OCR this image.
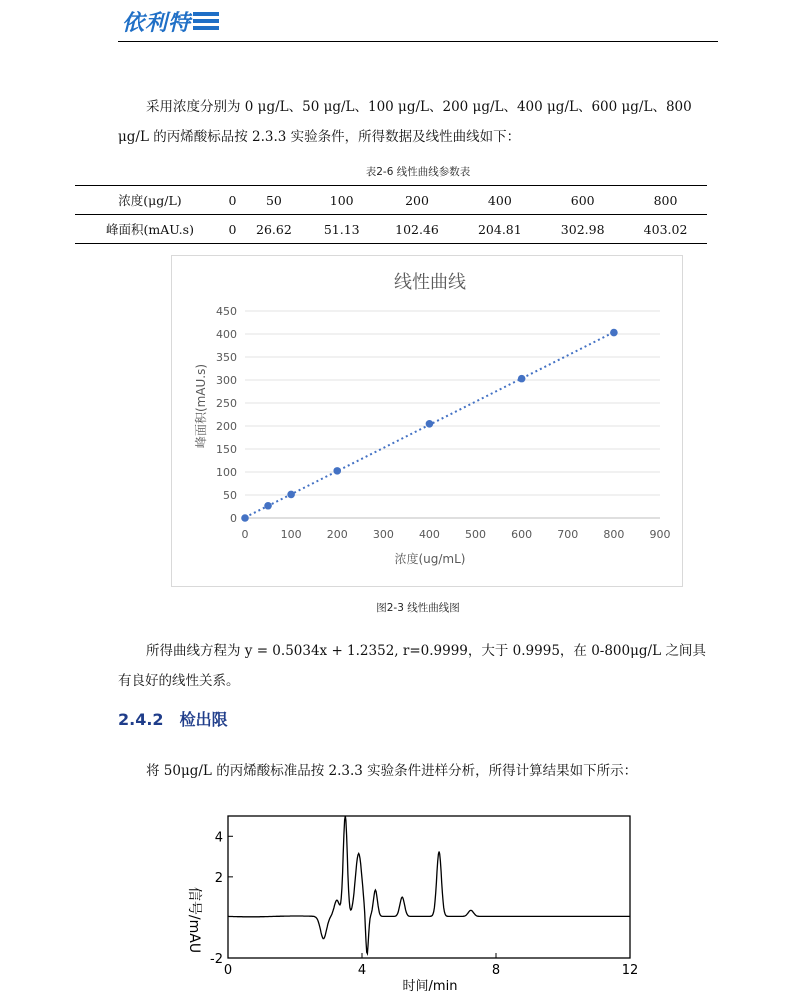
依利特
采用浓度分别为 0 μg/L、50 μg/L、100 μg/L、200 μg/L、400 μg/L、600 μg/L、800 μg/L 的丙烯酸标品按 2.3.3 实验条件，所得数据及线性曲线如下：
表2-6 线性曲线参数表
浓度(μg/L)	0	50	100	200	400	600	800
峰面积(mAU.s)	0	26.62	51.13	102.46	204.81	302.98	403.02
线性曲线
0
50
100
150
200
250
300
350
400
450
0	100 200 300 400 500 600 700 800 900
浓度(ug/mL)
峰面积(mAU.s)
图2-3 线性曲线图
所得曲线方程为 y = 0.5034x + 1.2352, r=0.9999，大于 0.9995，在 0-800μg/L 之间具有良好的线性关系。
2.4.2 检出限
将 50μg/L 的丙烯酸标准品按 2.3.3 实验条件进样分析，所得计算结果如下所示：
-2
2
4
0	4	8	12
信号/mAU
时间/min
